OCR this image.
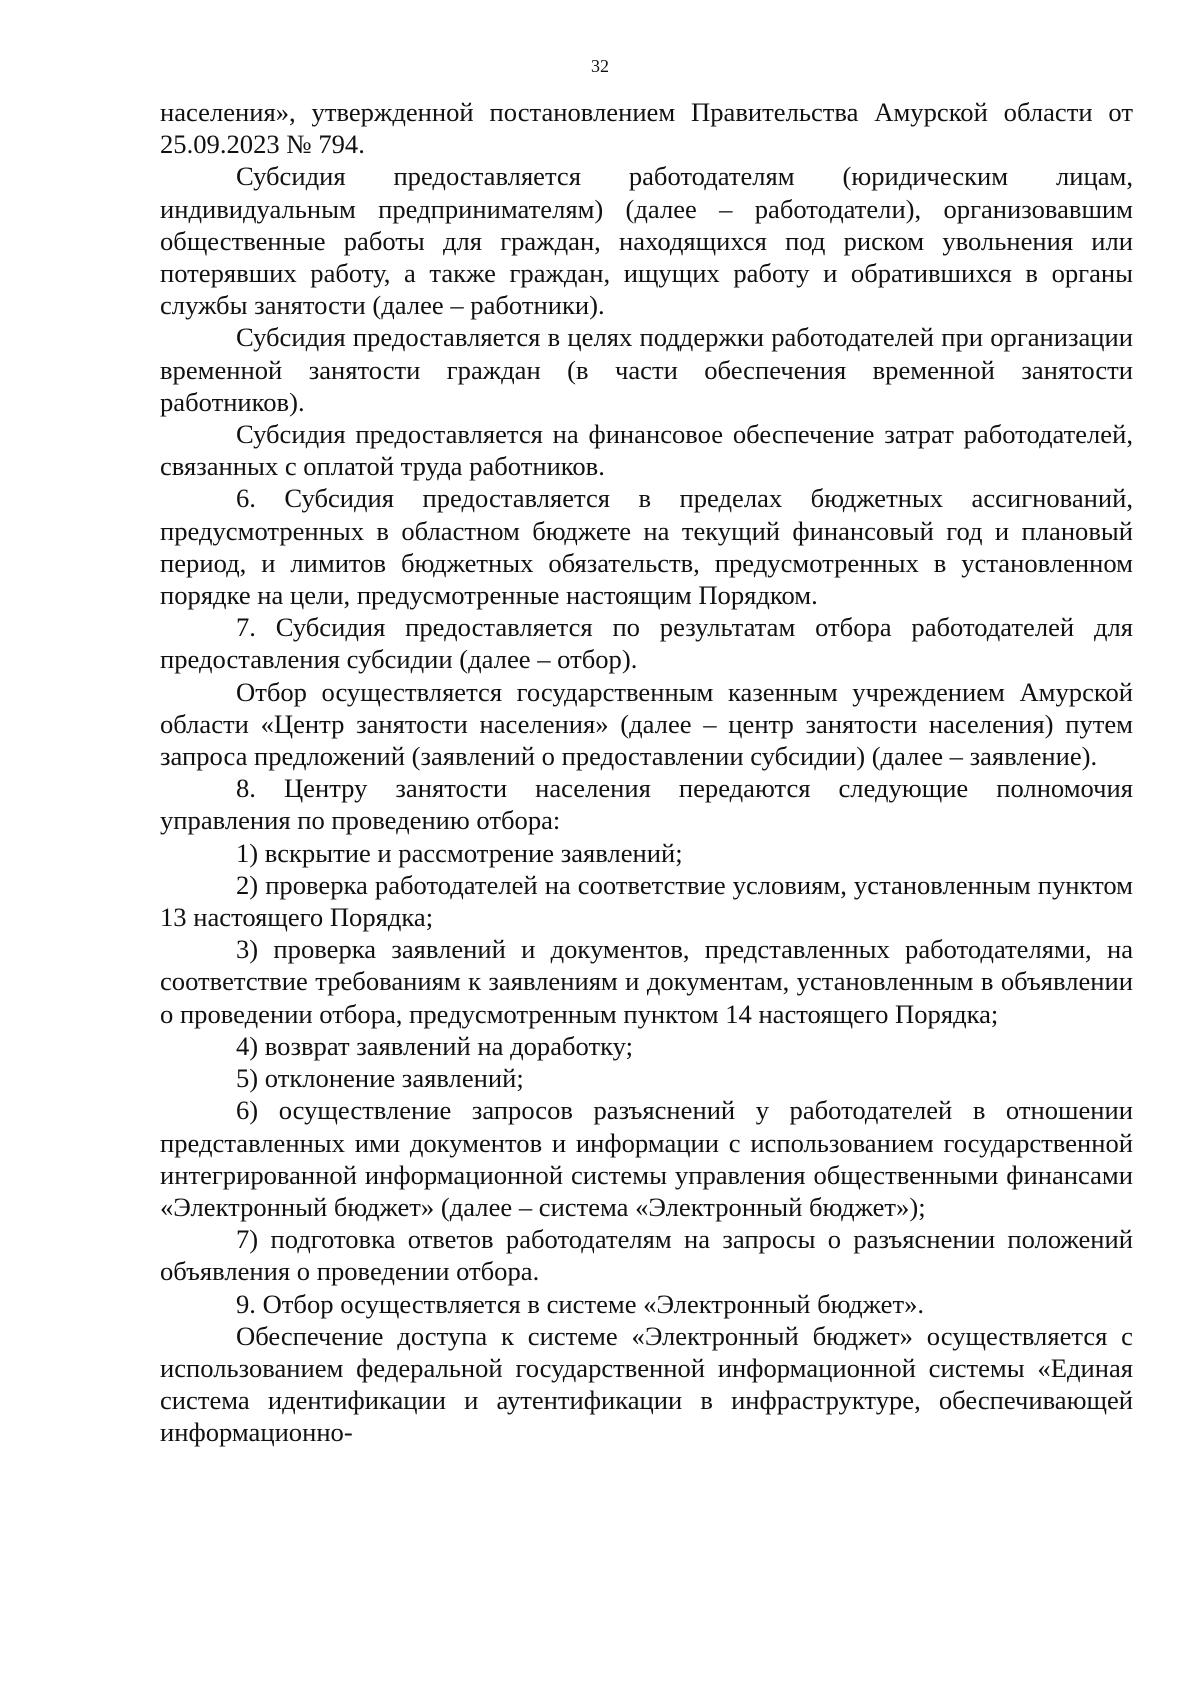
32

населения», утвержденной постановлением Правительства Амурской области от 25.09.2023 № 794.

Субсидия предоставляется работодателям (юридическим лицам, индивидуальным предпринимателям) (далее – работодатели), организовавшим общественные работы для граждан, находящихся под риском увольнения или потерявших работу, а также граждан, ищущих работу и обратившихся в органы службы занятости (далее – работники).

Субсидия предоставляется в целях поддержки работодателей при организации временной занятости граждан (в части обеспечения временной занятости работников).

Субсидия предоставляется на финансовое обеспечение затрат работодателей, связанных с оплатой труда работников.

6. Субсидия предоставляется в пределах бюджетных ассигнований, предусмотренных в областном бюджете на текущий финансовый год и плановый период, и лимитов бюджетных обязательств, предусмотренных в установленном порядке на цели, предусмотренные настоящим Порядком.

7. Субсидия предоставляется по результатам отбора работодателей для предоставления субсидии (далее – отбор).

Отбор осуществляется государственным казенным учреждением Амурской области «Центр занятости населения» (далее – центр занятости населения) путем запроса предложений (заявлений о предоставлении субсидии) (далее – заявление).

8. Центру занятости населения передаются следующие полномочия управления по проведению отбора:

1) вскрытие и рассмотрение заявлений;

2) проверка работодателей на соответствие условиям, установленным пунктом 13 настоящего Порядка;

3) проверка заявлений и документов, представленных работодателями, на соответствие требованиям к заявлениям и документам, установленным в объявлении о проведении отбора, предусмотренным пунктом 14 настоящего Порядка;

4) возврат заявлений на доработку;

5) отклонение заявлений;

6) осуществление запросов разъяснений у работодателей в отношении представленных ими документов и информации с использованием государственной интегрированной информационной системы управления общественными финансами «Электронный бюджет» (далее – система «Электронный бюджет»);

7) подготовка ответов работодателям на запросы о разъяснении положений объявления о проведении отбора.

9. Отбор осуществляется в системе «Электронный бюджет».

Обеспечение доступа к системе «Электронный бюджет» осуществляется с использованием федеральной государственной информационной системы «Единая система идентификации и аутентификации в инфраструктуре, обеспечивающей информационно-
